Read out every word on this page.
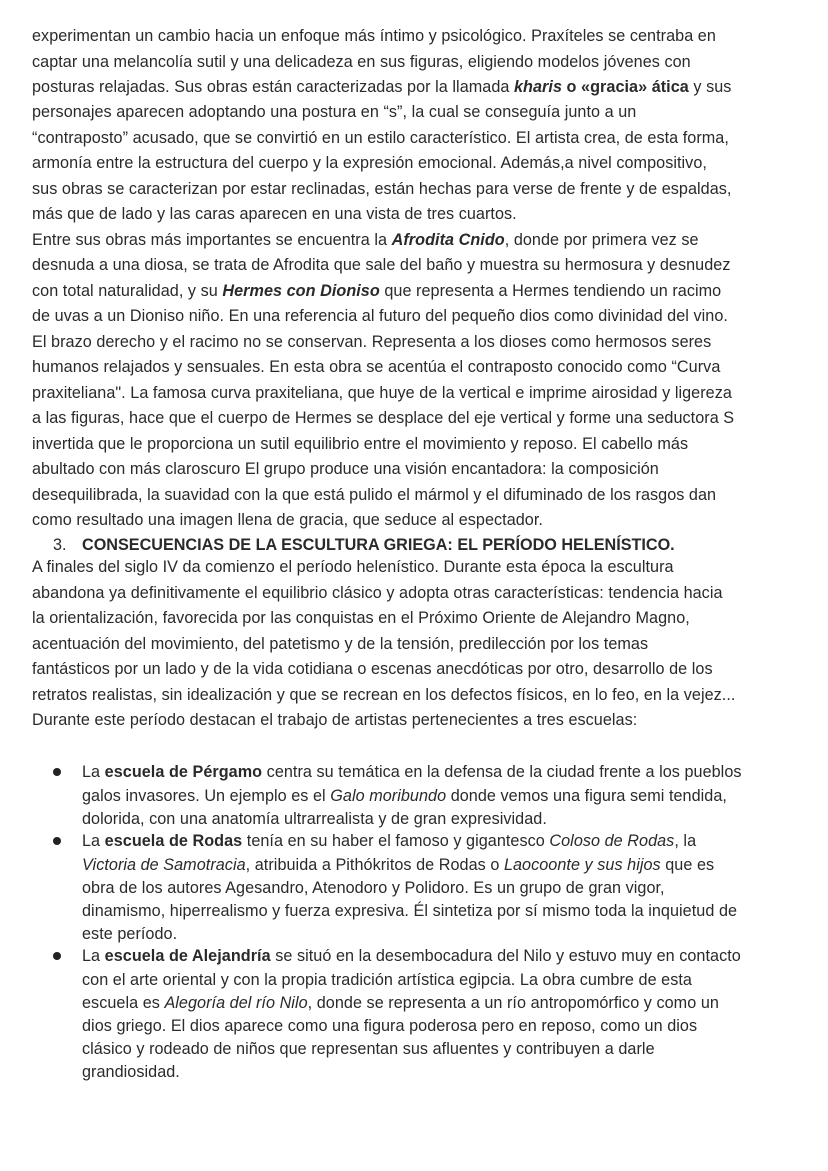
experimentan un cambio hacia un enfoque más íntimo y psicológico. Praxíteles se centraba en
captar una melancolía sutil y una delicadeza en sus figuras, eligiendo modelos jóvenes con
posturas relajadas. Sus obras están caracterizadas por la llamada kharis o «gracia» ática y sus
personajes aparecen adoptando una postura en “s”, la cual se conseguía junto a un
“contraposto” acusado, que se convirtió en un estilo característico. El artista crea, de esta forma,
armonía entre la estructura del cuerpo y la expresión emocional. Además,a nivel compositivo,
sus obras se caracterizan por estar reclinadas, están hechas para verse de frente y de espaldas,
más que de lado y las caras aparecen en una vista de tres cuartos.
Entre sus obras más importantes se encuentra la Afrodita Cnido, donde por primera vez se
desnuda a una diosa, se trata de Afrodita que sale del baño y muestra su hermosura y desnudez
con total naturalidad, y su Hermes con Dioniso que representa a Hermes tendiendo un racimo
de uvas a un Dioniso niño. En una referencia al futuro del pequeño dios como divinidad del vino.
El brazo derecho y el racimo no se conservan. Representa a los dioses como hermosos seres
humanos relajados y sensuales. En esta obra se acentúa el contraposto conocido como “Curva
praxiteliana". La famosa curva praxiteliana, que huye de la vertical e imprime airosidad y ligereza
a las figuras, hace que el cuerpo de Hermes se desplace del eje vertical y forme una seductora S
invertida que le proporciona un sutil equilibrio entre el movimiento y reposo. El cabello más
abultado con más claroscuro El grupo produce una visión encantadora: la composición
desequilibrada, la suavidad con la que está pulido el mármol y el difuminado de los rasgos dan
como resultado una imagen llena de gracia, que seduce al espectador.
3. CONSECUENCIAS DE LA ESCULTURA GRIEGA: EL PERÍODO HELENÍSTICO.
A finales del siglo IV da comienzo el período helenístico. Durante esta época la escultura
abandona ya definitivamente el equilibrio clásico y adopta otras características: tendencia hacia
la orientalización, favorecida por las conquistas en el Próximo Oriente de Alejandro Magno,
acentuación del movimiento, del patetismo y de la tensión, predilección por los temas
fantásticos por un lado y de la vida cotidiana o escenas anecdóticas por otro, desarrollo de los
retratos realistas, sin idealización y que se recrean en los defectos físicos, en lo feo, en la vejez...
Durante este período destacan el trabajo de artistas pertenecientes a tres escuelas:
La escuela de Pérgamo centra su temática en la defensa de la ciudad frente a los pueblos
galos invasores. Un ejemplo es el Galo moribundo donde vemos una figura semi tendida,
dolorida, con una anatomía ultrarrealista y de gran expresividad.
La escuela de Rodas tenía en su haber el famoso y gigantesco Coloso de Rodas, la
Victoria de Samotracia, atribuida a Pithókritos de Rodas o Laocoonte y sus hijos que es
obra de los autores Agesandro, Atenodoro y Polidoro. Es un grupo de gran vigor,
dinamismo, hiperrealismo y fuerza expresiva. Él sintetiza por sí mismo toda la inquietud de
este período.
La escuela de Alejandría se situó en la desembocadura del Nilo y estuvo muy en contacto
con el arte oriental y con la propia tradición artística egipcia. La obra cumbre de esta
escuela es Alegoría del río Nilo, donde se representa a un río antropomórfico y como un
dios griego. El dios aparece como una figura poderosa pero en reposo, como un dios
clásico y rodeado de niños que representan sus afluentes y contribuyen a darle
grandiosidad.
